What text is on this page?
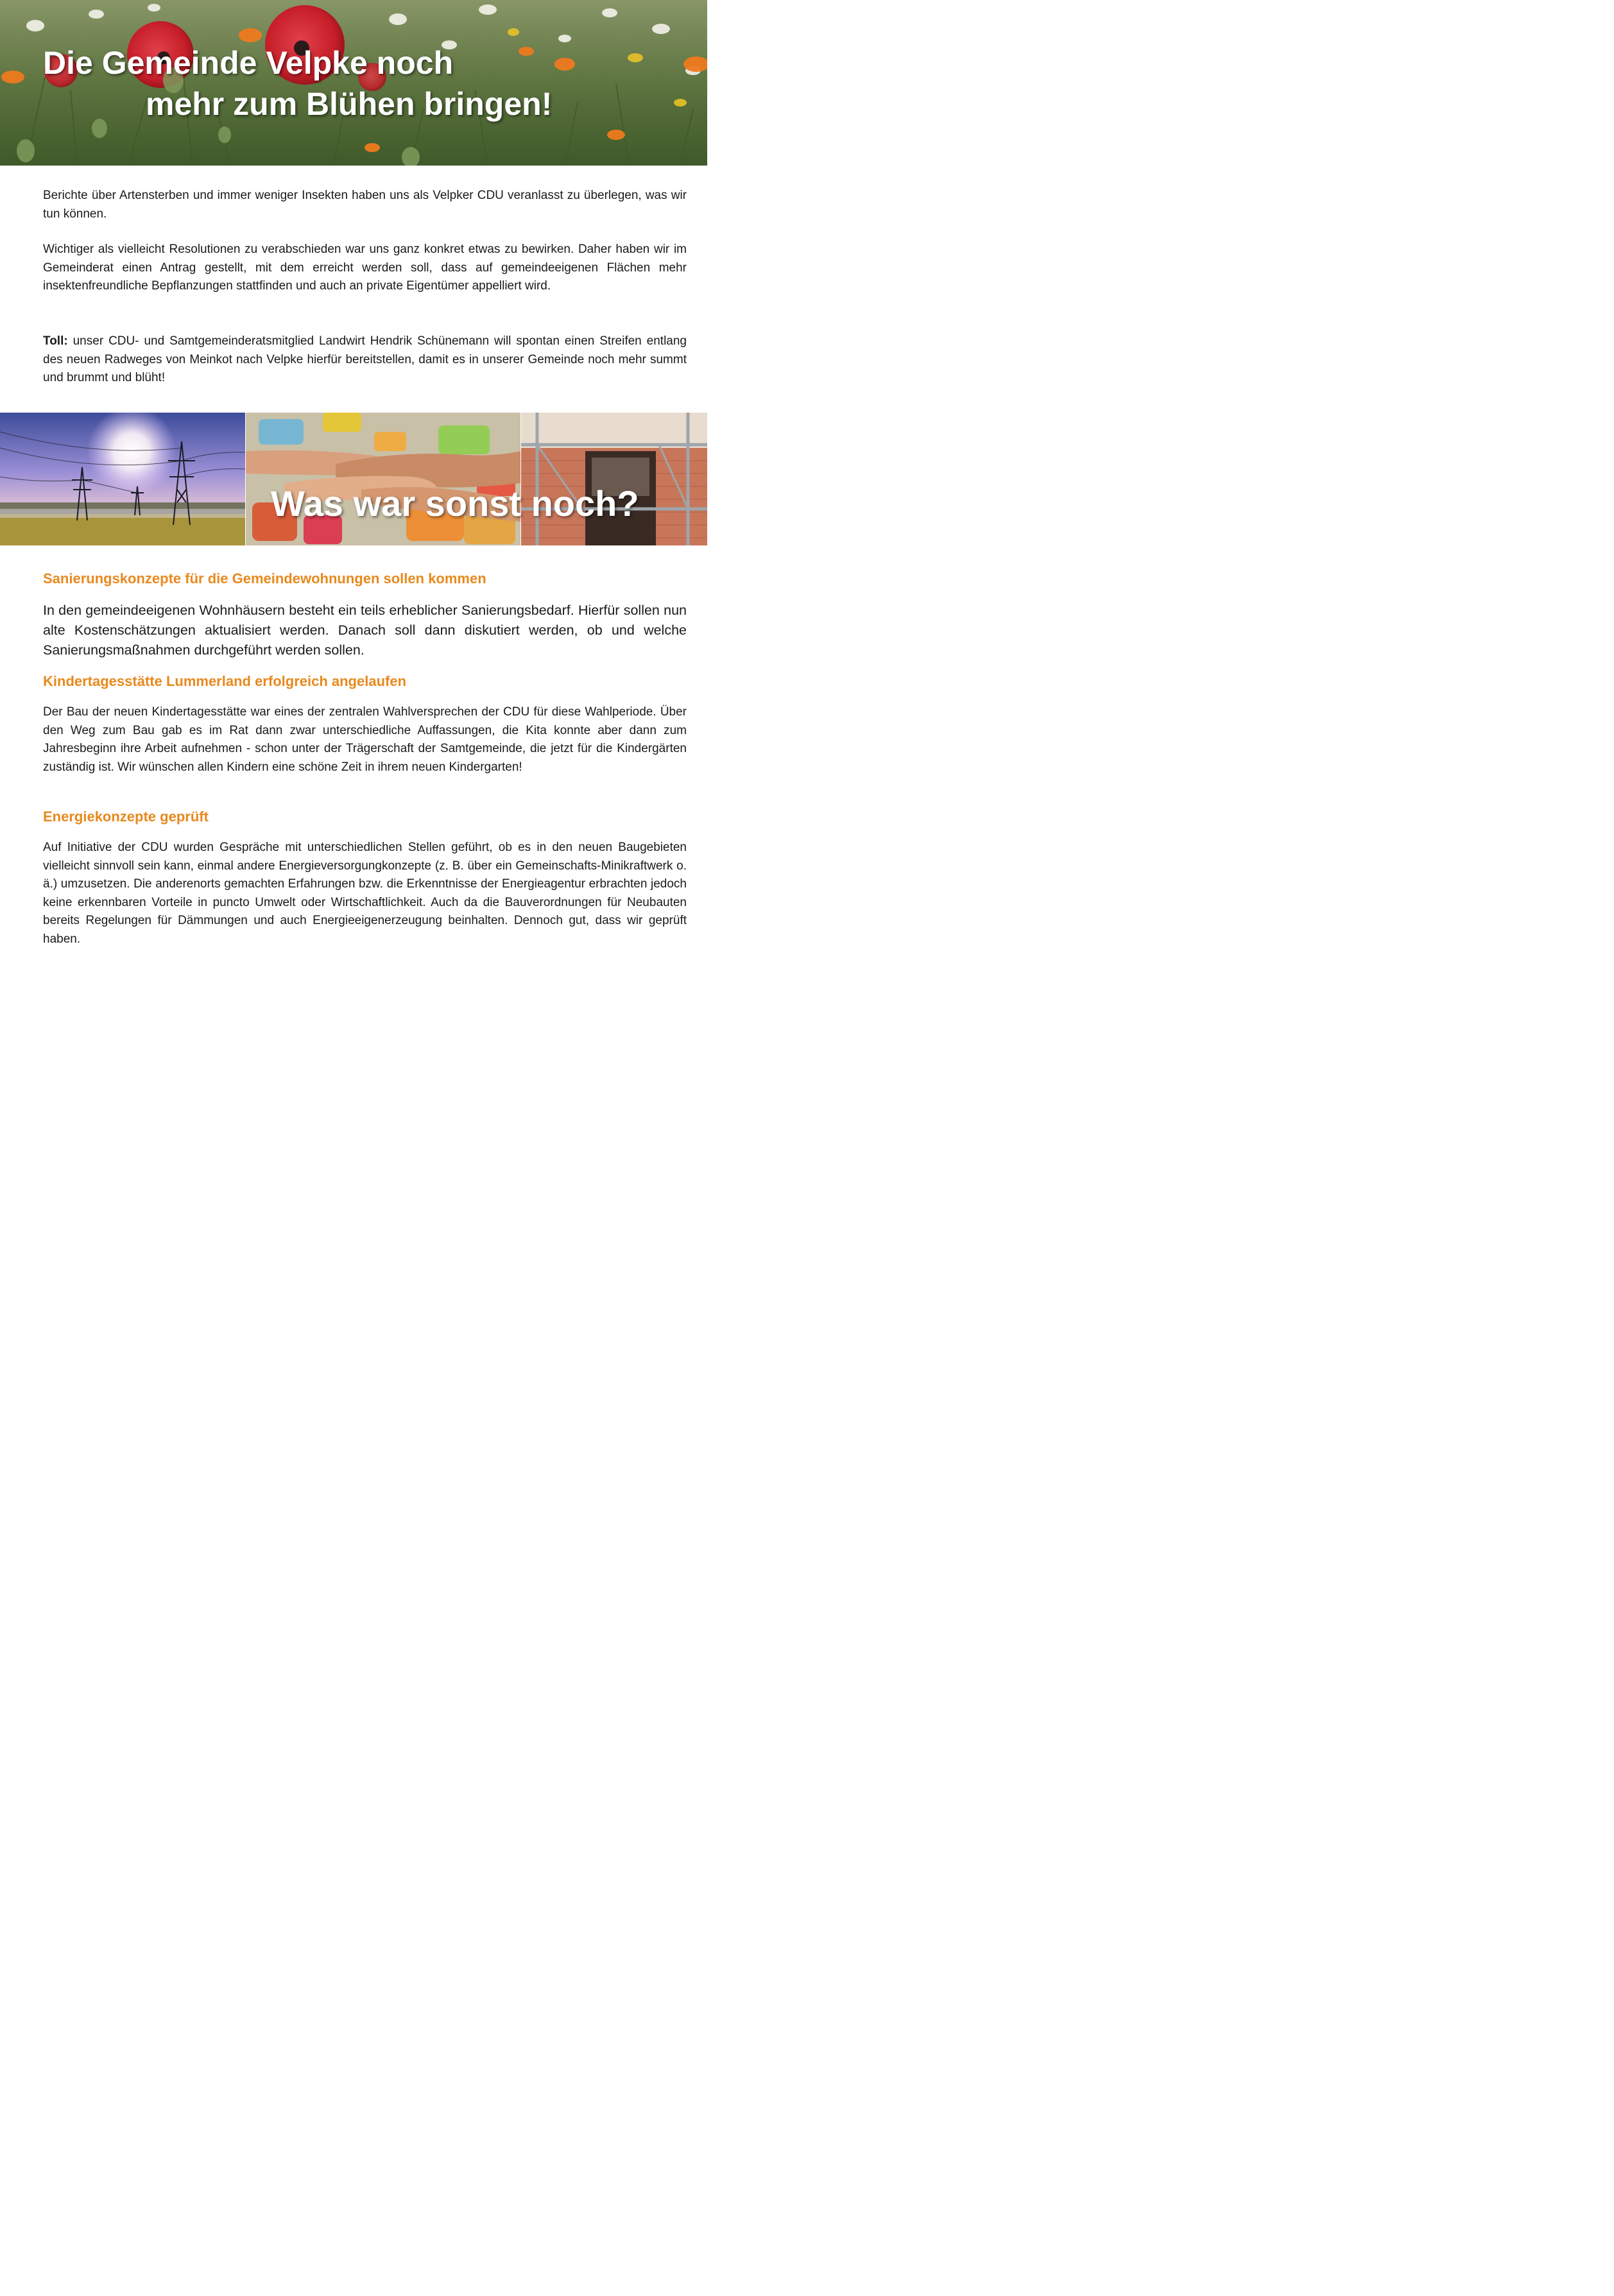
Die Gemeinde Velpke noch
mehr zum Blühen bringen!

Berichte über Artensterben und immer weniger Insekten haben uns als Velpker CDU veranlasst zu überlegen, was wir tun können.

Wichtiger als vielleicht Resolutionen zu verabschieden war uns ganz konkret etwas zu bewirken. Daher haben wir im Gemeinderat einen Antrag gestellt, mit dem erreicht werden soll, dass auf gemeindeeigenen Flächen mehr insektenfreundliche Bepflanzungen stattfinden und auch an private Eigentümer appelliert wird.

Toll: unser CDU- und Samtgemeinderatsmitglied Landwirt Hendrik Schünemann will spontan einen Streifen entlang des neuen Radweges von Meinkot nach Velpke hierfür bereitstellen, damit es in unserer Gemeinde noch mehr summt und brummt und blüht!

Was war sonst noch?
Sanierungskonzepte für die Gemeindewohnungen sollen kommen

In den gemeindeeigenen Wohnhäusern besteht ein teils erheblicher Sanierungsbedarf. Hierfür sollen nun alte Kostenschätzungen aktualisiert werden. Danach soll dann diskutiert werden, ob und welche Sanierungsmaßnahmen durchgeführt werden sollen.

Kindertagesstätte Lummerland erfolgreich angelaufen

Der Bau der neuen Kindertagesstätte war eines der zentralen Wahlversprechen der CDU für diese Wahlperiode. Über den Weg zum Bau gab es im Rat dann zwar unterschiedliche Auffassungen, die Kita konnte aber dann zum Jahresbeginn ihre Arbeit aufnehmen - schon unter der Trägerschaft der Samtgemeinde, die jetzt für die Kindergärten zuständig ist. Wir wünschen allen Kindern eine schöne Zeit in ihrem neuen Kindergarten!

Energiekonzepte geprüft

Auf Initiative der CDU wurden Gespräche mit unterschiedlichen Stellen geführt, ob es in den neuen Baugebieten vielleicht sinnvoll sein kann, einmal andere Energieversorgungkonzepte (z. B. über ein Gemeinschafts-Minikraftwerk o. ä.) umzusetzen. Die anderenorts gemachten Erfahrungen bzw. die Erkenntnisse der Energieagentur erbrachten jedoch keine erkennbaren Vorteile in puncto Umwelt oder Wirtschaftlichkeit. Auch da die Bauverordnungen für Neubauten bereits Regelungen für Dämmungen und auch Energieeigenerzeugung beinhalten. Dennoch gut, dass wir geprüft haben.
